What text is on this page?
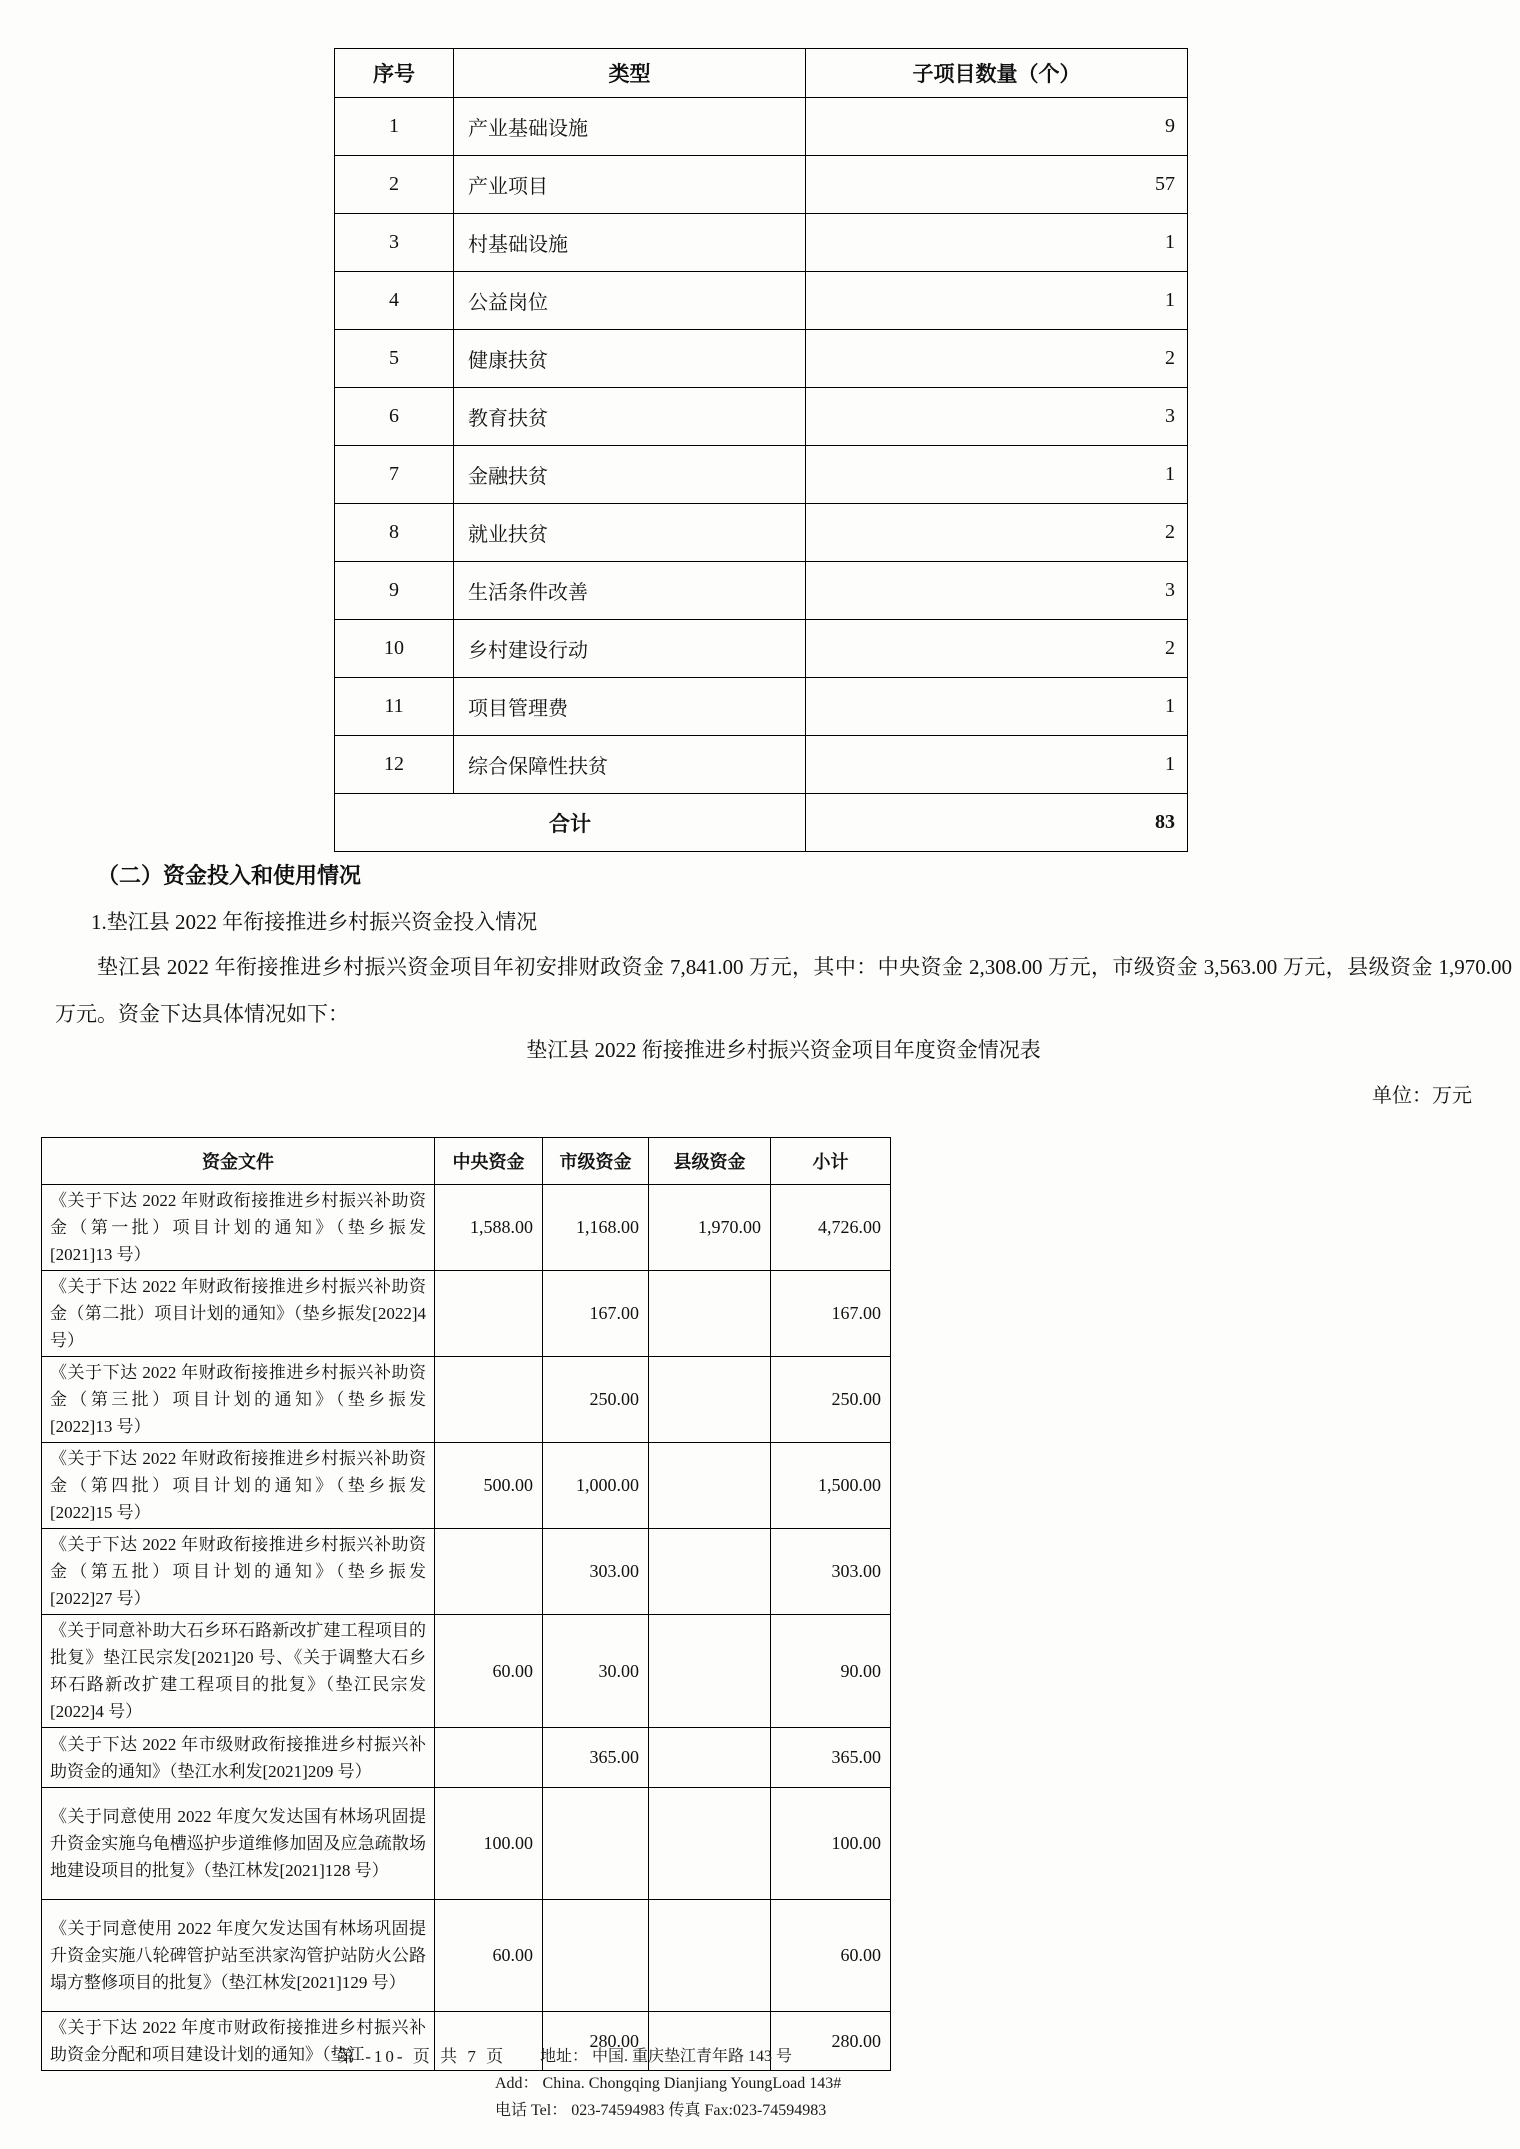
序号	类型	子项目数量（个）
1	产业基础设施	9
2	产业项目	57
3	村基础设施	1
4	公益岗位	1
5	健康扶贫	2
6	教育扶贫	3
7	金融扶贫	1
8	就业扶贫	2
9	生活条件改善	3
10	乡村建设行动	2
11	项目管理费	1
12	综合保障性扶贫	1
合计		83
（二）资金投入和使用情况
1.垫江县 2022 年衔接推进乡村振兴资金投入情况
垫江县 2022 年衔接推进乡村振兴资金项目年初安排财政资金 7,841.00 万元，其中：中央资金 2,308.00 万元，市级资金 3,563.00 万元，县级资金 1,970.00
万元。资金下达具体情况如下：
垫江县 2022 衔接推进乡村振兴资金项目年度资金情况表
单位：万元
资金文件	中央资金	市级资金	县级资金	小计
《关于下达 2022 年财政衔接推进乡村振兴补助资金（第一批）项目计划的通知》（垫乡振发[2021]13 号）	1,588.00	1,168.00	1,970.00	4,726.00
《关于下达 2022 年财政衔接推进乡村振兴补助资金（第二批）项目计划的通知》（垫乡振发[2022]4 号）		167.00		167.00
《关于下达 2022 年财政衔接推进乡村振兴补助资金（第三批）项目计划的通知》（垫乡振发[2022]13 号）		250.00		250.00
《关于下达 2022 年财政衔接推进乡村振兴补助资金（第四批）项目计划的通知》（垫乡振发[2022]15 号）	500.00	1,000.00		1,500.00
《关于下达 2022 年财政衔接推进乡村振兴补助资金（第五批）项目计划的通知》（垫乡振发[2022]27 号）		303.00		303.00
《关于同意补助大石乡环石路新改扩建工程项目的批复》垫江民宗发[2021]20 号、《关于调整大石乡环石路新改扩建工程项目的批复》（垫江民宗发[2022]4 号）	60.00	30.00		90.00
《关于下达 2022 年市级财政衔接推进乡村振兴补助资金的通知》（垫江水利发[2021]209 号）		365.00		365.00
《关于同意使用 2022 年度欠发达国有林场巩固提升资金实施乌龟槽巡护步道维修加固及应急疏散场地建设项目的批复》（垫江林发[2021]128 号）	100.00			100.00
《关于同意使用 2022 年度欠发达国有林场巩固提升资金实施八轮碑管护站至洪家沟管护站防火公路塌方整修项目的批复》（垫江林发[2021]129 号）	60.00			60.00
《关于下达 2022 年度市财政衔接推进乡村振兴补助资金分配和项目建设计划的通知》（垫江		280.00		280.00
第 -10- 页 共 7 页 地址： 中国. 重庆垫江青年路 143 号
Add： China. Chongqing Dianjiang YoungLoad 143#
电话 Tel： 023-74594983 传真 Fax:023-74594983
